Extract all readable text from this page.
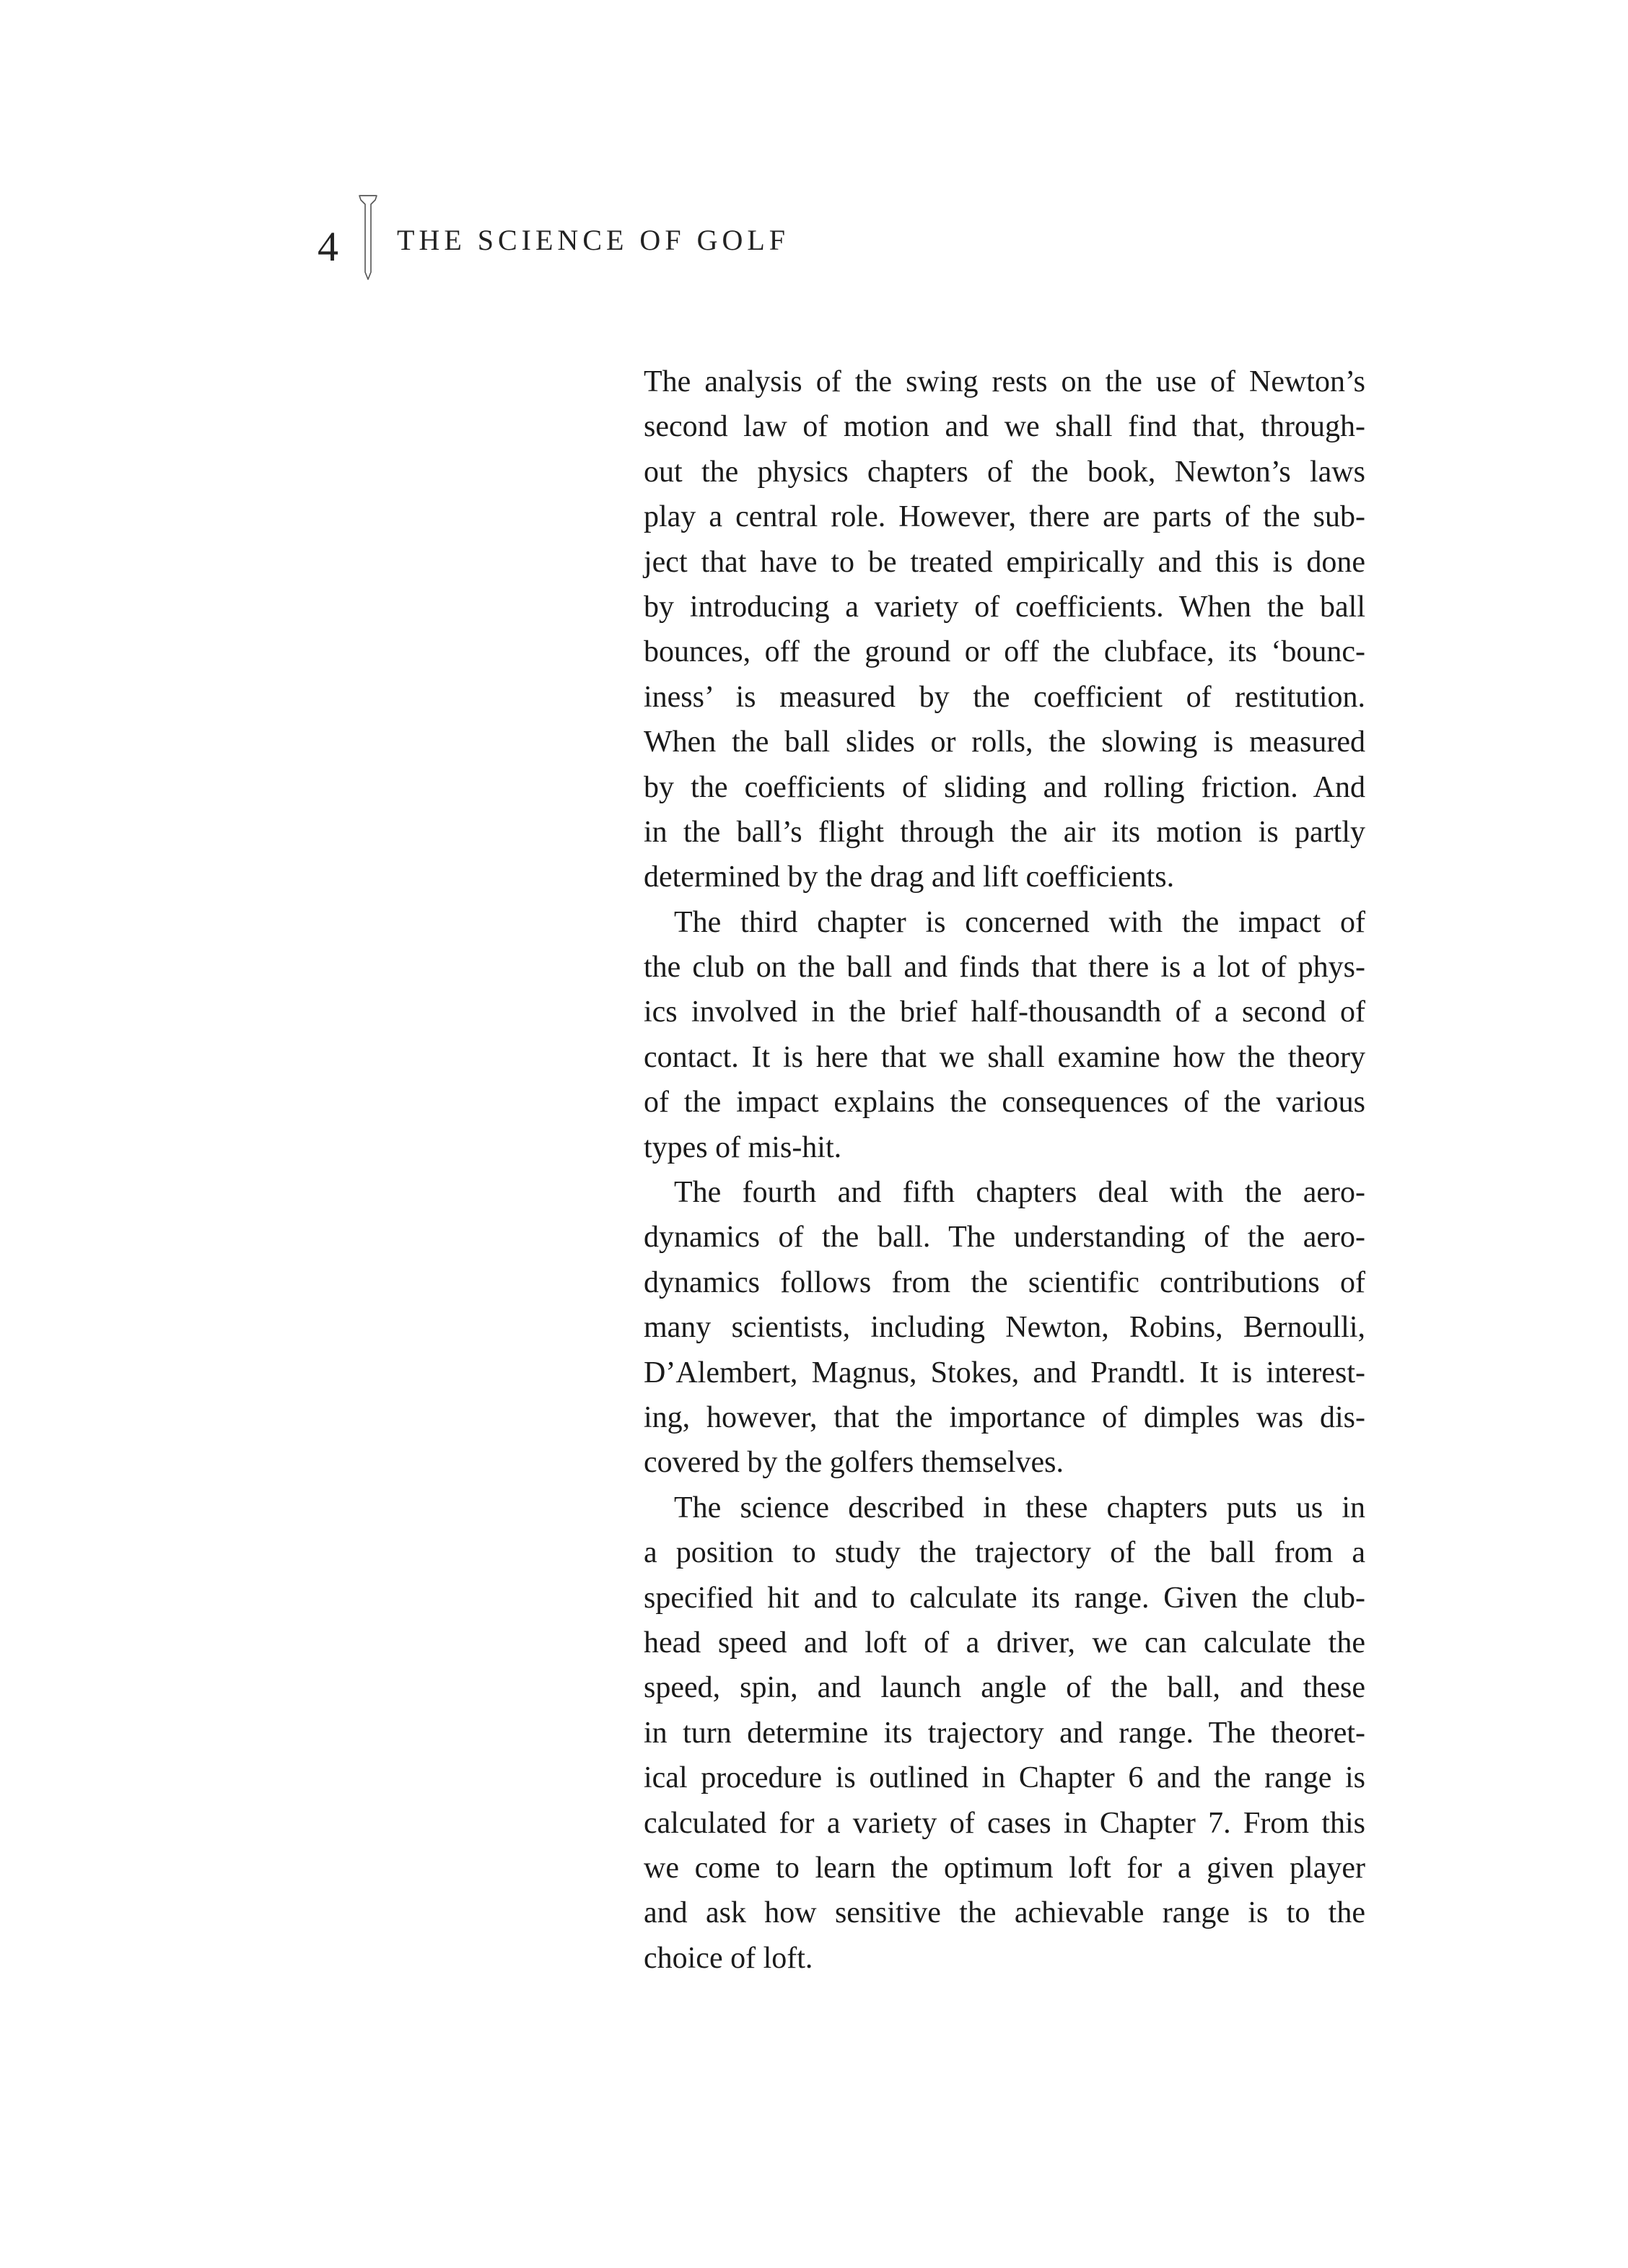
4 THE SCIENCE OF GOLF
The analysis of the swing rests on the use of Newton’s
second law of motion and we shall find that, through-
out the physics chapters of the book, Newton’s laws
play a central role. However, there are parts of the sub-
ject that have to be treated empirically and this is done
by introducing a variety of coefficients. When the ball
bounces, off the ground or off the clubface, its ‘bounc-
iness’ is measured by the coefficient of restitution.
When the ball slides or rolls, the slowing is measured
by the coefficients of sliding and rolling friction. And
in the ball’s flight through the air its motion is partly
determined by the drag and lift coefficients.
The third chapter is concerned with the impact of
the club on the ball and finds that there is a lot of phys-
ics involved in the brief half-thousandth of a second of
contact. It is here that we shall examine how the theory
of the impact explains the consequences of the various
types of mis-hit.
The fourth and fifth chapters deal with the aero-
dynamics of the ball. The understanding of the aero-
dynamics follows from the scientific contributions of
many scientists, including Newton, Robins, Bernoulli,
D’Alembert, Magnus, Stokes, and Prandtl. It is interest-
ing, however, that the importance of dimples was dis-
covered by the golfers themselves.
The science described in these chapters puts us in
a position to study the trajectory of the ball from a
specified hit and to calculate its range. Given the club-
head speed and loft of a driver, we can calculate the
speed, spin, and launch angle of the ball, and these
in turn determine its trajectory and range. The theoret-
ical procedure is outlined in Chapter 6 and the range is
calculated for a variety of cases in Chapter 7. From this
we come to learn the optimum loft for a given player
and ask how sensitive the achievable range is to the
choice of loft.
